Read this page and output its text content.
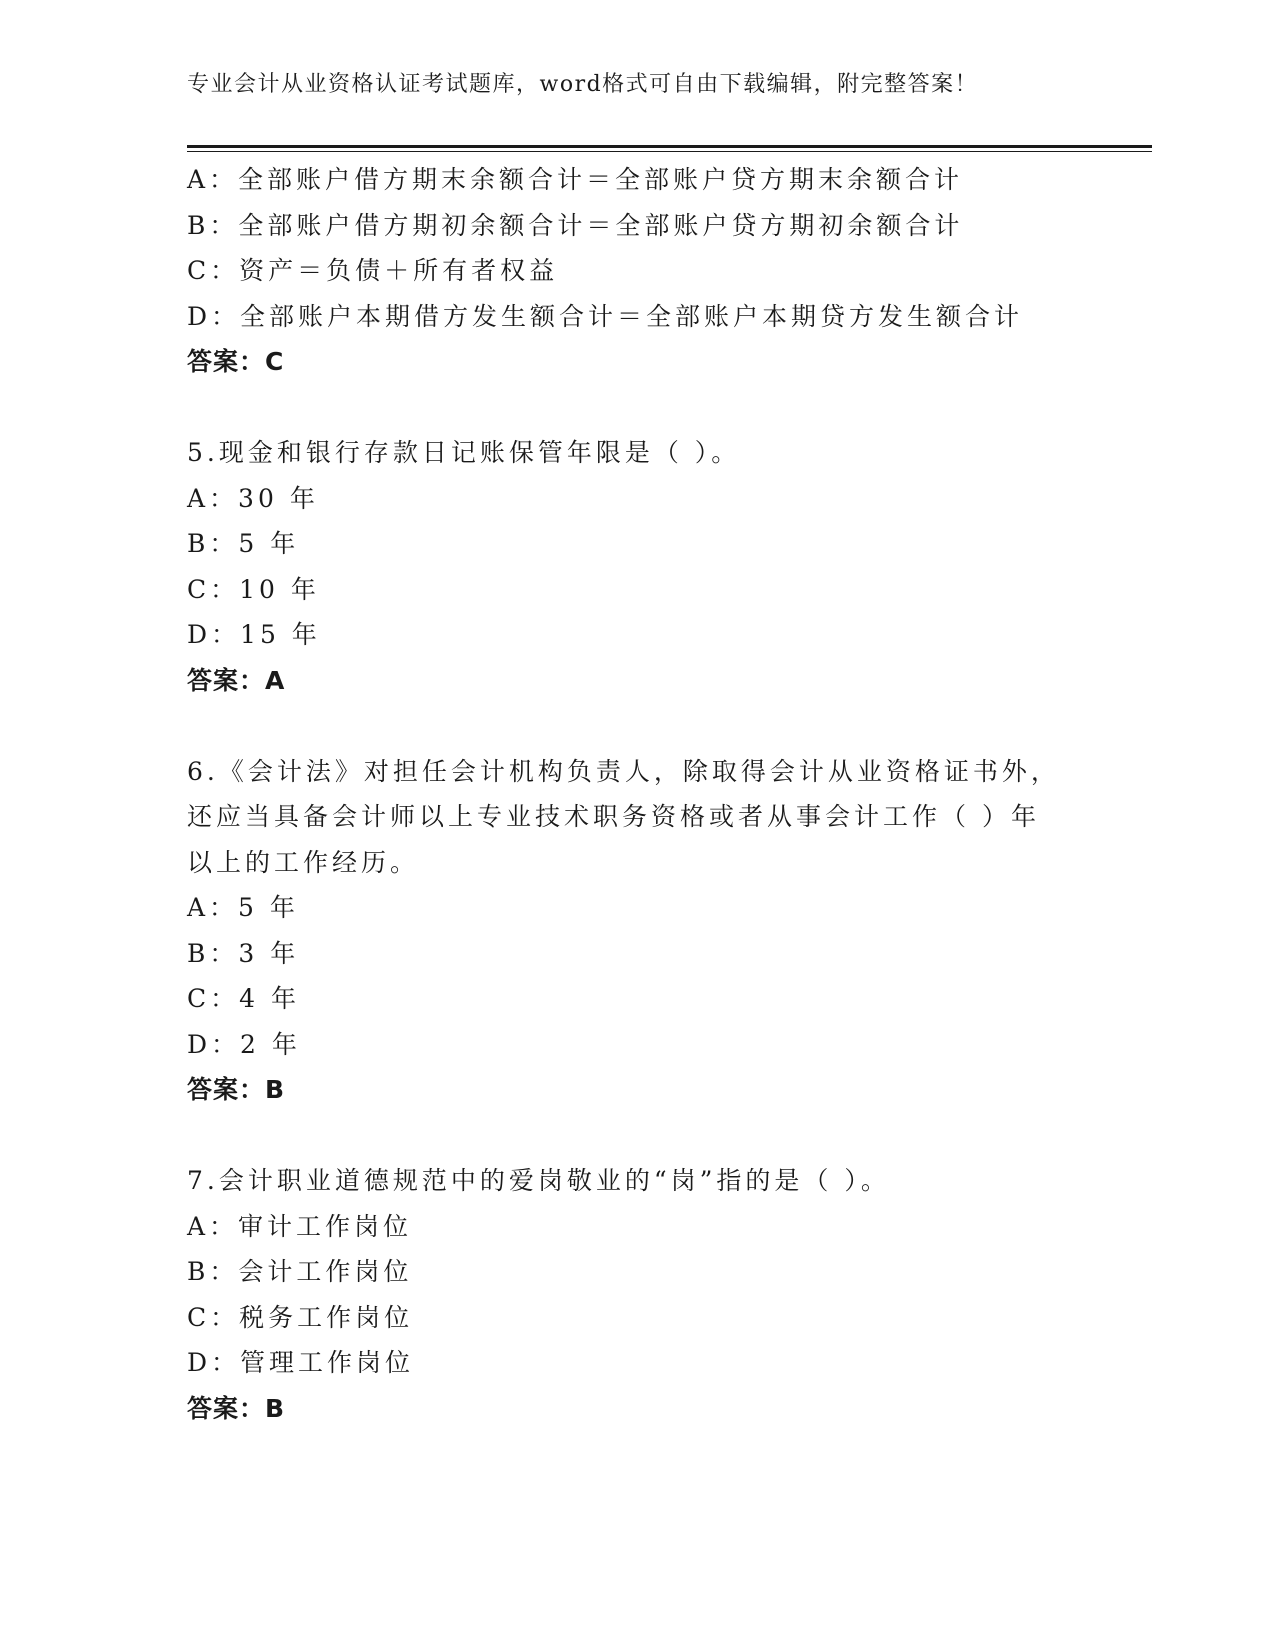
专业会计从业资格认证考试题库，word格式可自由下载编辑，附完整答案！
A：全部账户借方期末余额合计＝全部账户贷方期末余额合计
B：全部账户借方期初余额合计＝全部账户贷方期初余额合计
C：资产＝负债＋所有者权益
D：全部账户本期借方发生额合计＝全部账户本期贷方发生额合计
答案：C
5.现金和银行存款日记账保管年限是（ ）。
A：30 年
B：5 年
C：10 年
D：15 年
答案：A
6.《会计法》对担任会计机构负责人，除取得会计从业资格证书外，
还应当具备会计师以上专业技术职务资格或者从事会计工作（ ）年
以上的工作经历。
A：5 年
B：3 年
C：4 年
D：2 年
答案：B
7.会计职业道德规范中的爱岗敬业的“岗”指的是（ ）。
A：审计工作岗位
B：会计工作岗位
C：税务工作岗位
D：管理工作岗位
答案：B
